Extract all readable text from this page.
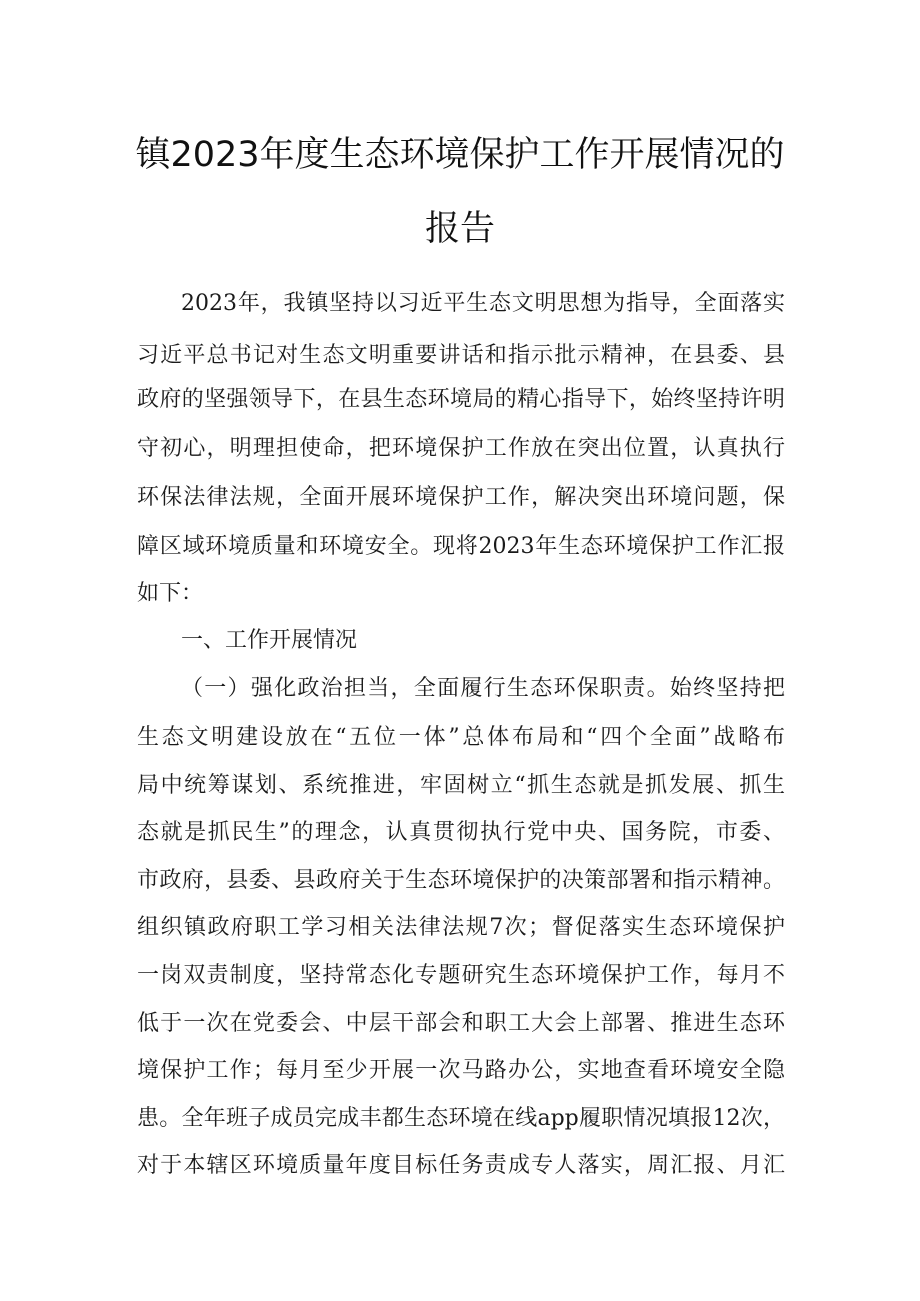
镇2023年度生态环境保护工作开展情况的
报告
2023年，我镇坚持以习近平生态文明思想为指导，全面落实
习近平总书记对生态文明重要讲话和指示批示精神，在县委、县
政府的坚强领导下，在县生态环境局的精心指导下，始终坚持许明
守初心，明理担使命，把环境保护工作放在突出位置，认真执行
环保法律法规，全面开展环境保护工作，解决突出环境问题，保
障区域环境质量和环境安全。现将2023年生态环境保护工作汇报
如下：
一、工作开展情况
（一）强化政治担当，全面履行生态环保职责。始终坚持把
生态文明建设放在“五位一体”总体布局和“四个全面”战略布
局中统筹谋划、系统推进，牢固树立“抓生态就是抓发展、抓生
态就是抓民生”的理念，认真贯彻执行党中央、国务院，市委、
市政府，县委、县政府关于生态环境保护的决策部署和指示精神。
组织镇政府职工学习相关法律法规7次；督促落实生态环境保护
一岗双责制度，坚持常态化专题研究生态环境保护工作，每月不
低于一次在党委会、中层干部会和职工大会上部署、推进生态环
境保护工作；每月至少开展一次马路办公，实地查看环境安全隐
患。全年班子成员完成丰都生态环境在线app履职情况填报12次，
对于本辖区环境质量年度目标任务责成专人落实，周汇报、月汇
